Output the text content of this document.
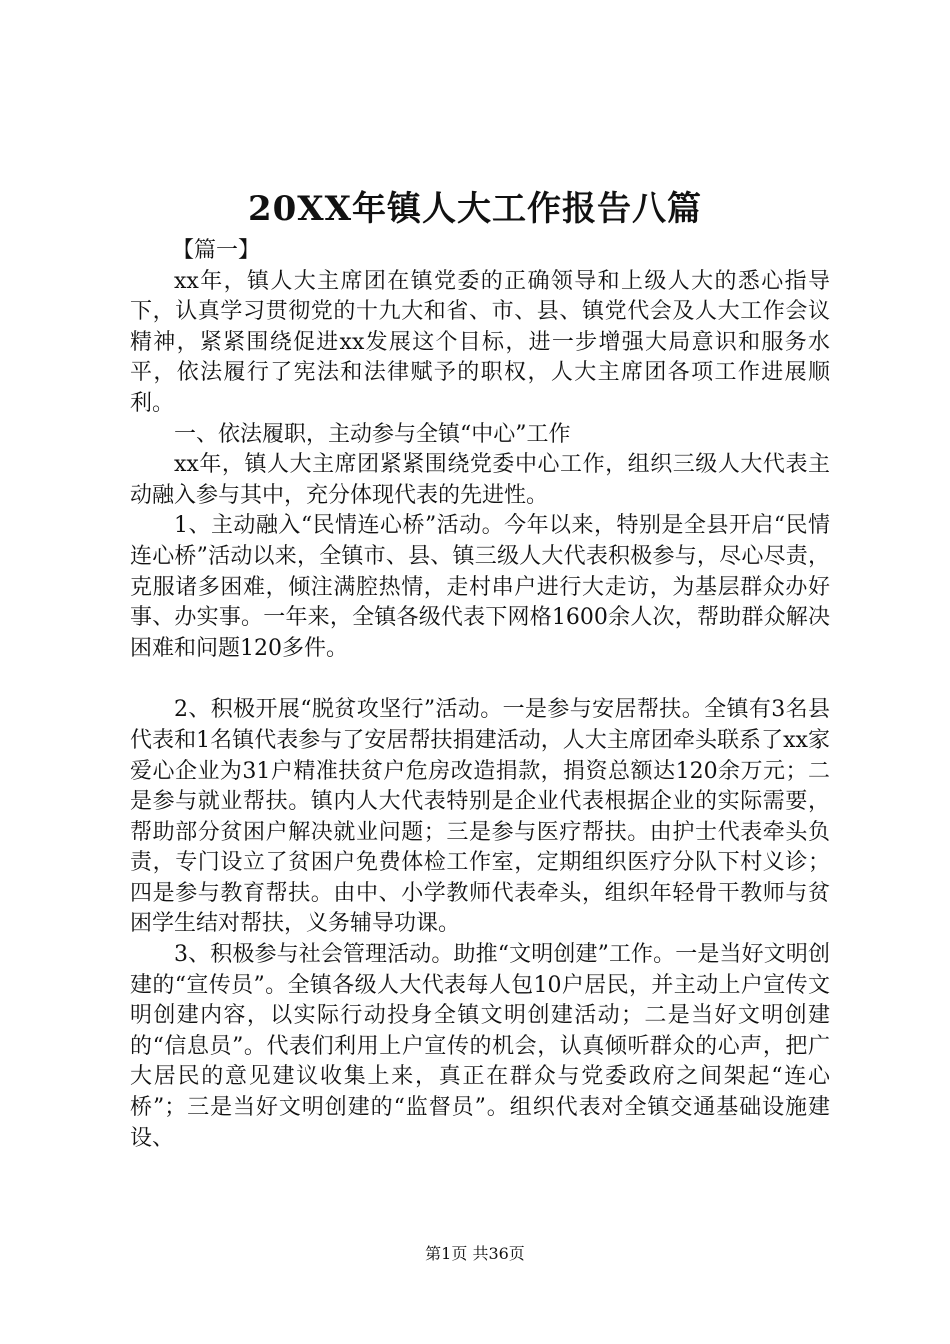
20XX年镇人大工作报告八篇

【篇一】

xx年，镇人大主席团在镇党委的正确领导和上级人大的悉心指导下，认真学习贯彻党的十九大和省、市、县、镇党代会及人大工作会议精神，紧紧围绕促进xx发展这个目标，进一步增强大局意识和服务水平，依法履行了宪法和法律赋予的职权，人大主席团各项工作进展顺利。

一、依法履职，主动参与全镇“中心”工作

xx年，镇人大主席团紧紧围绕党委中心工作，组织三级人大代表主动融入参与其中，充分体现代表的先进性。

1、主动融入“民情连心桥”活动。今年以来，特别是全县开启“民情连心桥”活动以来，全镇市、县、镇三级人大代表积极参与，尽心尽责，克服诸多困难，倾注满腔热情，走村串户进行大走访，为基层群众办好事、办实事。一年来，全镇各级代表下网格1600余人次，帮助群众解决困难和问题120多件。

2、积极开展“脱贫攻坚行”活动。一是参与安居帮扶。全镇有3名县代表和1名镇代表参与了安居帮扶捐建活动，人大主席团牵头联系了xx家爱心企业为31户精准扶贫户危房改造捐款，捐资总额达120余万元；二是参与就业帮扶。镇内人大代表特别是企业代表根据企业的实际需要，帮助部分贫困户解决就业问题；三是参与医疗帮扶。由护士代表牵头负责，专门设立了贫困户免费体检工作室，定期组织医疗分队下村义诊；四是参与教育帮扶。由中、小学教师代表牵头，组织年轻骨干教师与贫困学生结对帮扶，义务辅导功课。

3、积极参与社会管理活动。助推“文明创建”工作。一是当好文明创建的“宣传员”。全镇各级人大代表每人包10户居民，并主动上户宣传文明创建内容，以实际行动投身全镇文明创建活动；二是当好文明创建的“信息员”。代表们利用上户宣传的机会，认真倾听群众的心声，把广大居民的意见建议收集上来，真正在群众与党委政府之间架起“连心桥”；三是当好文明创建的“监督员”。组织代表对全镇交通基础设施建设、

第1页 共36页
